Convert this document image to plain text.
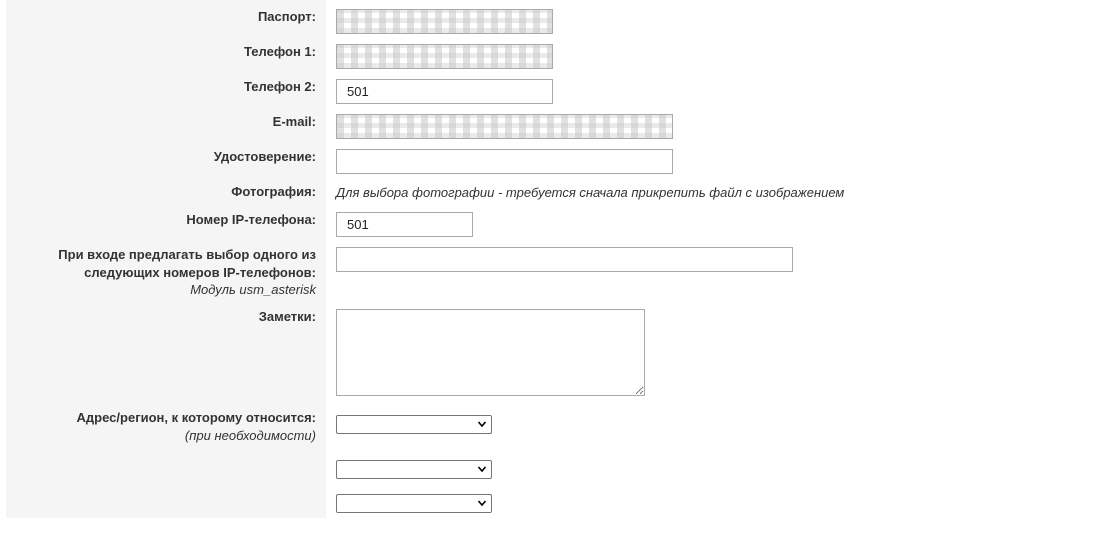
Паспорт:
Телефон 1:
Телефон 2:
501
E-mail:
Удостоверение:
Фотография: Для выбора фотографии - требуется сначала прикрепить файл с изображением
Номер IP-телефона:
501
При входе предлагать выбор одного из
следующих номеров IP-телефонов:
Модуль usm_asterisk
Заметки:
Адрес/регион, к которому относится:
(при необходимости)
